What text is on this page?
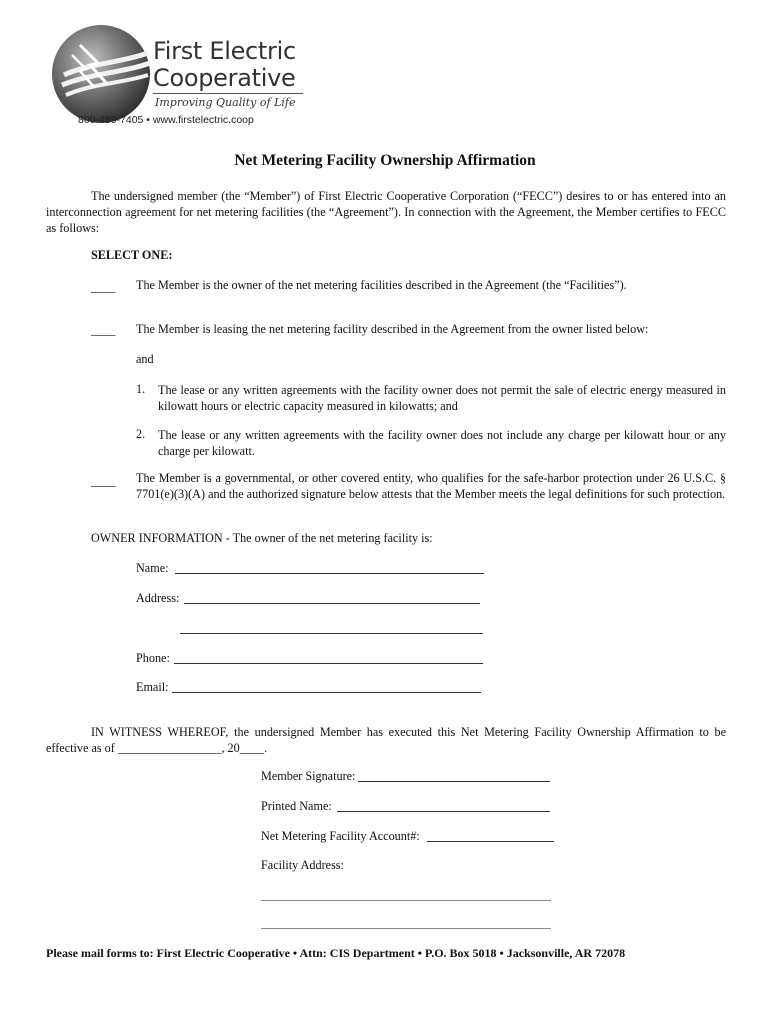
First Electric
Cooperative
Improving Quality of Life
800-489-7405 • www.firstelectric.coop
Net Metering Facility Ownership Affirmation
The undersigned member (the “Member”) of First Electric Cooperative Corporation (“FECC”) desires to or has entered into an interconnection agreement for net metering facilities (the “Agreement”). In connection with the Agreement, the Member certifies to FECC as follows:
SELECT ONE:
____ The Member is the owner of the net metering facilities described in the Agreement (the “Facilities”).
____ The Member is leasing the net metering facility described in the Agreement from the owner listed below:
and
1. The lease or any written agreements with the facility owner does not permit the sale of electric energy measured in kilowatt hours or electric capacity measured in kilowatts; and
2. The lease or any written agreements with the facility owner does not include any charge per kilowatt hour or any charge per kilowatt.
____ The Member is a governmental, or other covered entity, who qualifies for the safe-harbor protection under 26 U.S.C. § 7701(e)(3)(A) and the authorized signature below attests that the Member meets the legal definitions for such protection.
OWNER INFORMATION - The owner of the net metering facility is:
Name:
Address:
Phone:
Email:
IN WITNESS WHEREOF, the undersigned Member has executed this Net Metering Facility Ownership Affirmation to be effective as of _________________, 20____.
Member Signature:
Printed Name:
Net Metering Facility Account#:
Facility Address:
Please mail forms to: First Electric Cooperative • Attn: CIS Department • P.O. Box 5018 • Jacksonville, AR 72078
